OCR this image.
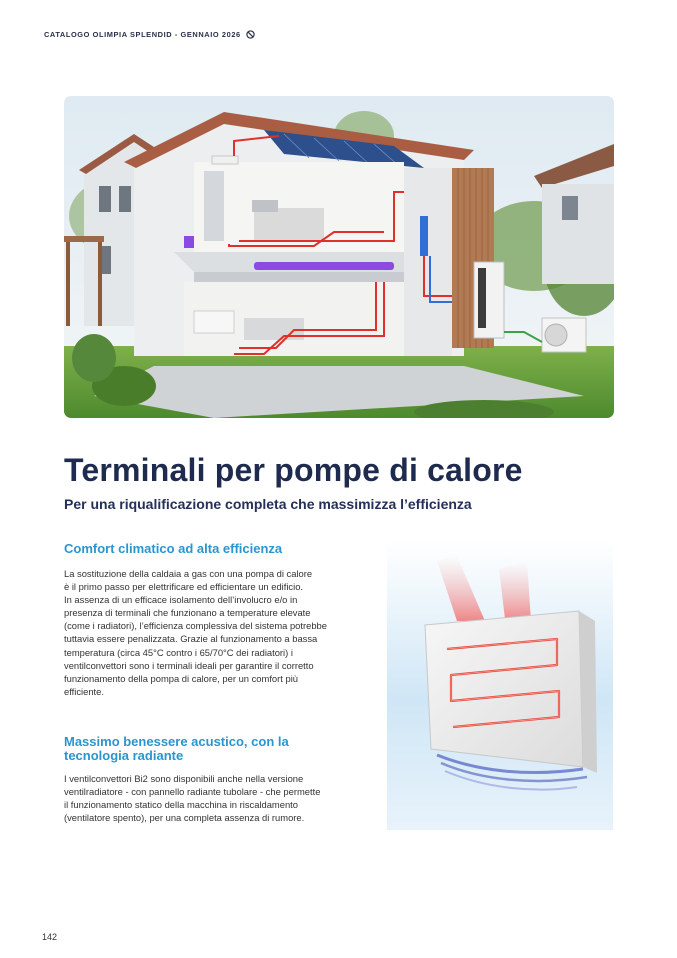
CATALOGO OLIMPIA SPLENDID - GENNAIO 2026
Terminali per pompe di calore
Per una riqualificazione completa che massimizza l’efficienza
Comfort climatico ad alta efficienza
La sostituzione della caldaia a gas con una pompa di calore
è il primo passo per elettrificare ed efficientare un edificio.
In assenza di un efficace isolamento dell’involucro e/o in
presenza di terminali che funzionano a temperature elevate
(come i radiatori), l’efficienza complessiva del sistema potrebbe
tuttavia essere penalizzata. Grazie al funzionamento a bassa
temperatura (circa 45°C contro i 65/70°C dei radiatori) i
ventilconvettori sono i terminali ideali per garantire il corretto
funzionamento della pompa di calore, per un comfort più
efficiente.
Massimo benessere acustico, con la
tecnologia radiante
I ventilconvettori Bi2 sono disponibili anche nella versione
ventilradiatore - con pannello radiante tubolare - che permette
il funzionamento statico della macchina in riscaldamento
(ventilatore spento), per una completa assenza di rumore.
142
